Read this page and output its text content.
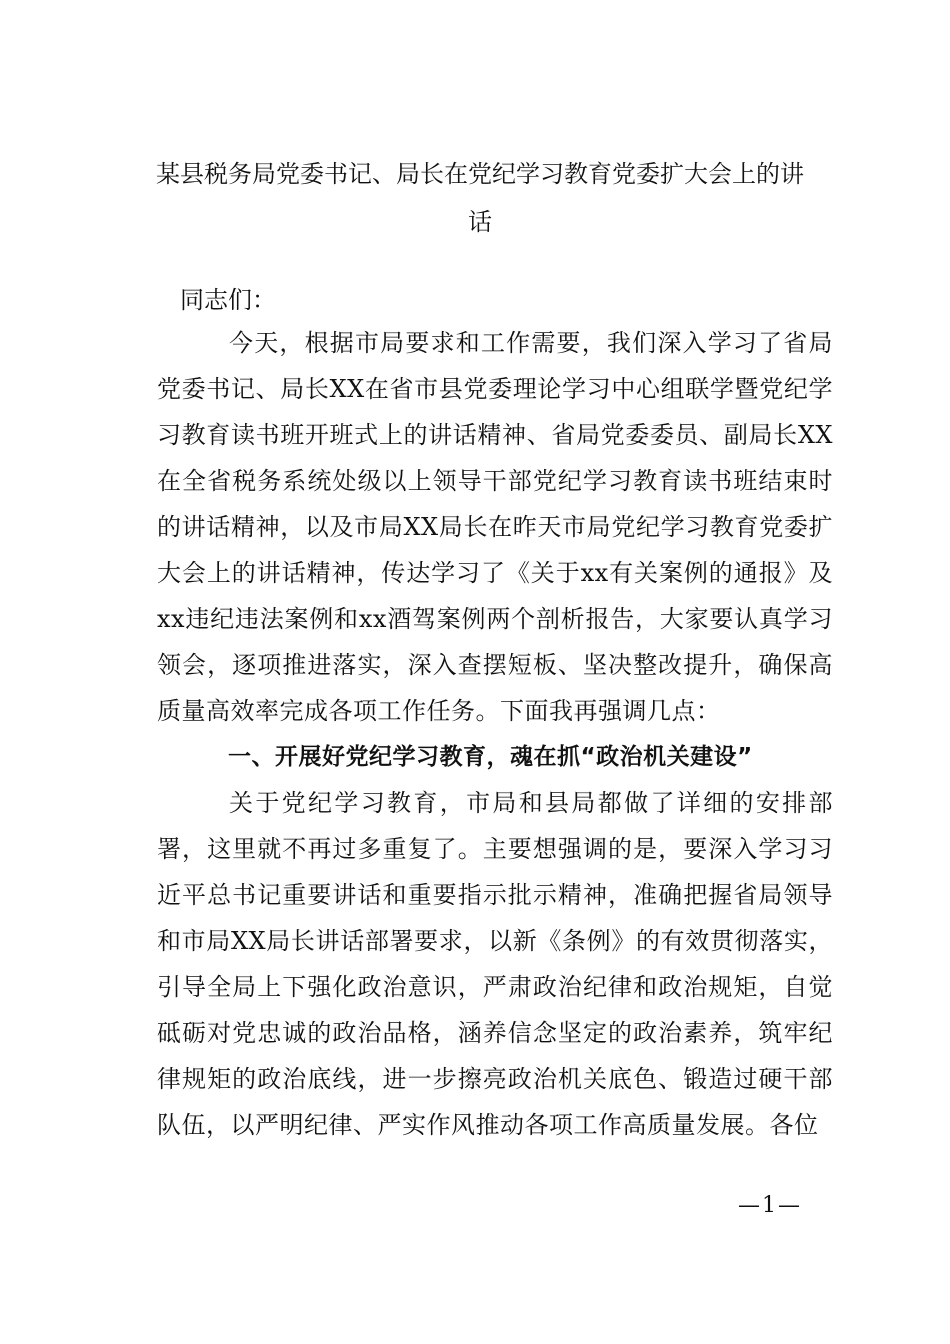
某县税务局党委书记、局长在党纪学习教育党委扩大会上的讲
话

同志们：

今天，根据市局要求和工作需要，我们深入学习了省局党委书记、局长XX在省市县党委理论学习中心组联学暨党纪学习教育读书班开班式上的讲话精神、省局党委委员、副局长XX在全省税务系统处级以上领导干部党纪学习教育读书班结束时的讲话精神，以及市局XX局长在昨天市局党纪学习教育党委扩大会上的讲话精神，传达学习了《关于xx有关案例的通报》及xx违纪违法案例和xx酒驾案例两个剖析报告，大家要认真学习领会，逐项推进落实，深入查摆短板、坚决整改提升，确保高质量高效率完成各项工作任务。下面我再强调几点：

一、开展好党纪学习教育，魂在抓“政治机关建设”

关于党纪学习教育，市局和县局都做了详细的安排部署，这里就不再过多重复了。主要想强调的是，要深入学习习近平总书记重要讲话和重要指示批示精神，准确把握省局领导和市局XX局长讲话部署要求，以新《条例》的有效贯彻落实，引导全局上下强化政治意识，严肃政治纪律和政治规矩，自觉砥砺对党忠诚的政治品格，涵养信念坚定的政治素养，筑牢纪律规矩的政治底线，进一步擦亮政治机关底色、锻造过硬干部队伍，以严明纪律、严实作风推动各项工作高质量发展。各位

—1—
